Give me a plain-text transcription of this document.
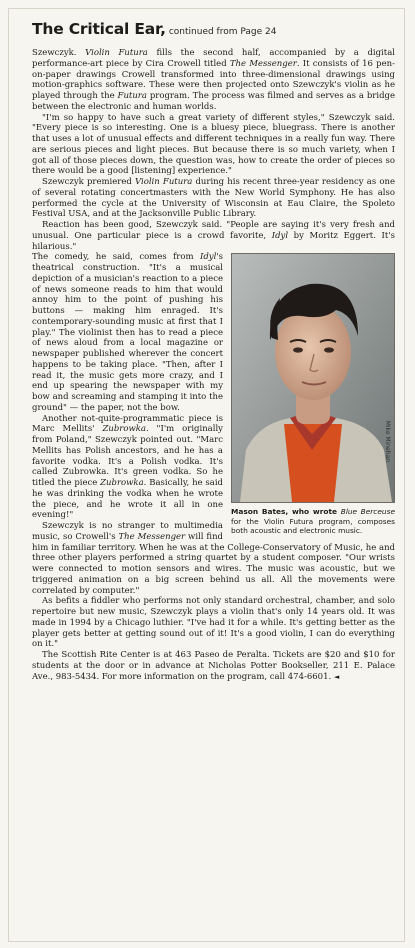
The Critical Ear, continued from Page 24

Szewczyk. Violin Futura fills the second half, accompanied by a digital performance-art piece by Cira Crowell titled The Messenger. It consists of 16 pen-on-paper drawings Crowell transformed into three-dimensional drawings using motion-graphics software. These were then projected onto Szewczyk's violin as he played through the Futura program. The process was filmed and serves as a bridge between the electronic and human worlds.

"I'm so happy to have such a great variety of different styles," Szewczyk said. "Every piece is so interesting. One is a bluesy piece, bluegrass. There is another that uses a lot of unusual effects and different techniques in a really fun way. There are serious pieces and light pieces. But because there is so much variety, when I got all of those pieces down, the question was, how to create the order of pieces so there would be a good [listening] experience."

Szewczyk premiered Violin Futura during his recent three-year residency as one of several rotating concertmasters with the New World Symphony. He has also performed the cycle at the University of Wisconsin at Eau Claire, the Spoleto Festival USA, and at the Jacksonville Public Library.

Reaction has been good, Szewczyk said. "People are saying it's very fresh and unusual. One particular piece is a crowd favorite, Idyl by Moritz Eggert. It's hilarious."

Mike Minehan
Mason Bates, who wrote Blue Berceuse for the Violin Futura program, composes both acoustic and electronic music.

The comedy, he said, comes from Idyl's theatrical construction. "It's a musical depiction of a musician's reaction to a piece of news someone reads to him that would annoy him to the point of pushing his buttons — making him enraged. It's contemporary-sounding music at first that I play." The violinist then has to read a piece of news aloud from a local magazine or newspaper published wherever the concert happens to be taking place. "Then, after I read it, the music gets more crazy, and I end up spearing the newspaper with my bow and screaming and stamping it into the ground" — the paper, not the bow.

Another not-quite-programmatic piece is Marc Mellits' Zubrowka. "I'm originally from Poland," Szewczyk pointed out. "Marc Mellits has Polish ancestors, and he has a favorite vodka. It's a Polish vodka. It's called Zubrowka. It's green vodka. So he titled the piece Zubrowka. Basically, he said he was drinking the vodka when he wrote the piece, and he wrote it all in one evening!"

Szewczyk is no stranger to multimedia music, so Crowell's The Messenger will find him in familiar territory. When he was at the College-Conservatory of Music, he and three other players performed a string quartet by a student composer. "Our wrists were connected to motion sensors and wires. The music was acoustic, but we triggered animation on a big screen behind us all. All the movements were correlated by computer."

As befits a fiddler who performs not only standard orchestral, chamber, and solo repertoire but new music, Szewczyk plays a violin that's only 14 years old. It was made in 1994 by a Chicago luthier. "I've had it for a while. It's getting better as the player gets better at getting sound out of it! It's a good violin, I can do everything on it."

The Scottish Rite Center is at 463 Paseo de Peralta. Tickets are $20 and $10 for students at the door or in advance at Nicholas Potter Bookseller, 211 E. Palace Ave., 983-5434. For more information on the program, call 474-6601. ◄
